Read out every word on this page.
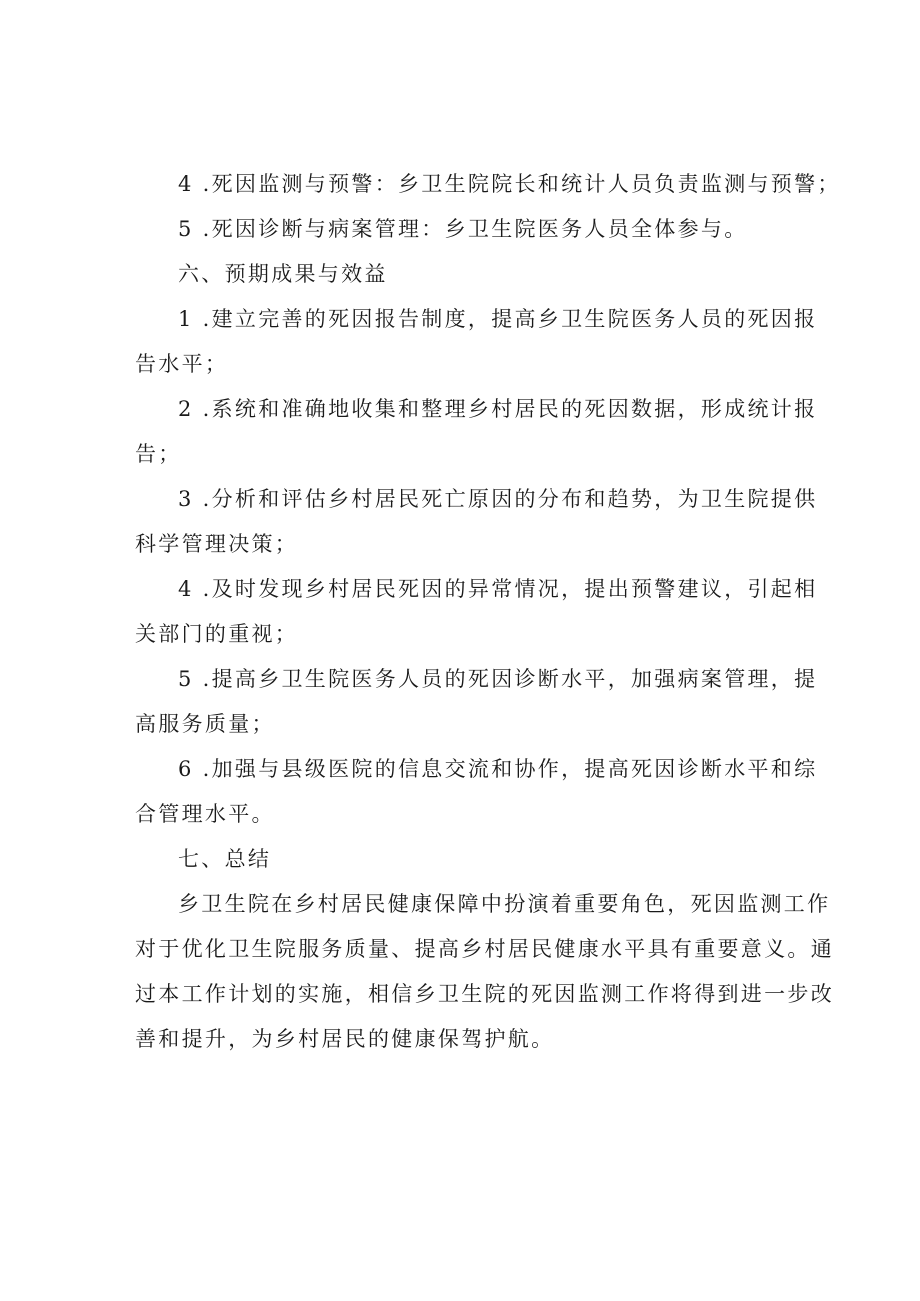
4 .死因监测与预警：乡卫生院院长和统计人员负责监测与预警；
5 .死因诊断与病案管理：乡卫生院医务人员全体参与。
六、预期成果与效益
1 .建立完善的死因报告制度，提高乡卫生院医务人员的死因报
告水平；
2 .系统和准确地收集和整理乡村居民的死因数据，形成统计报
告；
3 .分析和评估乡村居民死亡原因的分布和趋势，为卫生院提供
科学管理决策；
4 .及时发现乡村居民死因的异常情况，提出预警建议，引起相
关部门的重视；
5 .提高乡卫生院医务人员的死因诊断水平，加强病案管理，提
高服务质量；
6 .加强与县级医院的信息交流和协作，提高死因诊断水平和综
合管理水平。
七、总结
乡卫生院在乡村居民健康保障中扮演着重要角色，死因监测工作
对于优化卫生院服务质量、提高乡村居民健康水平具有重要意义。通
过本工作计划的实施，相信乡卫生院的死因监测工作将得到进一步改
善和提升，为乡村居民的健康保驾护航。
